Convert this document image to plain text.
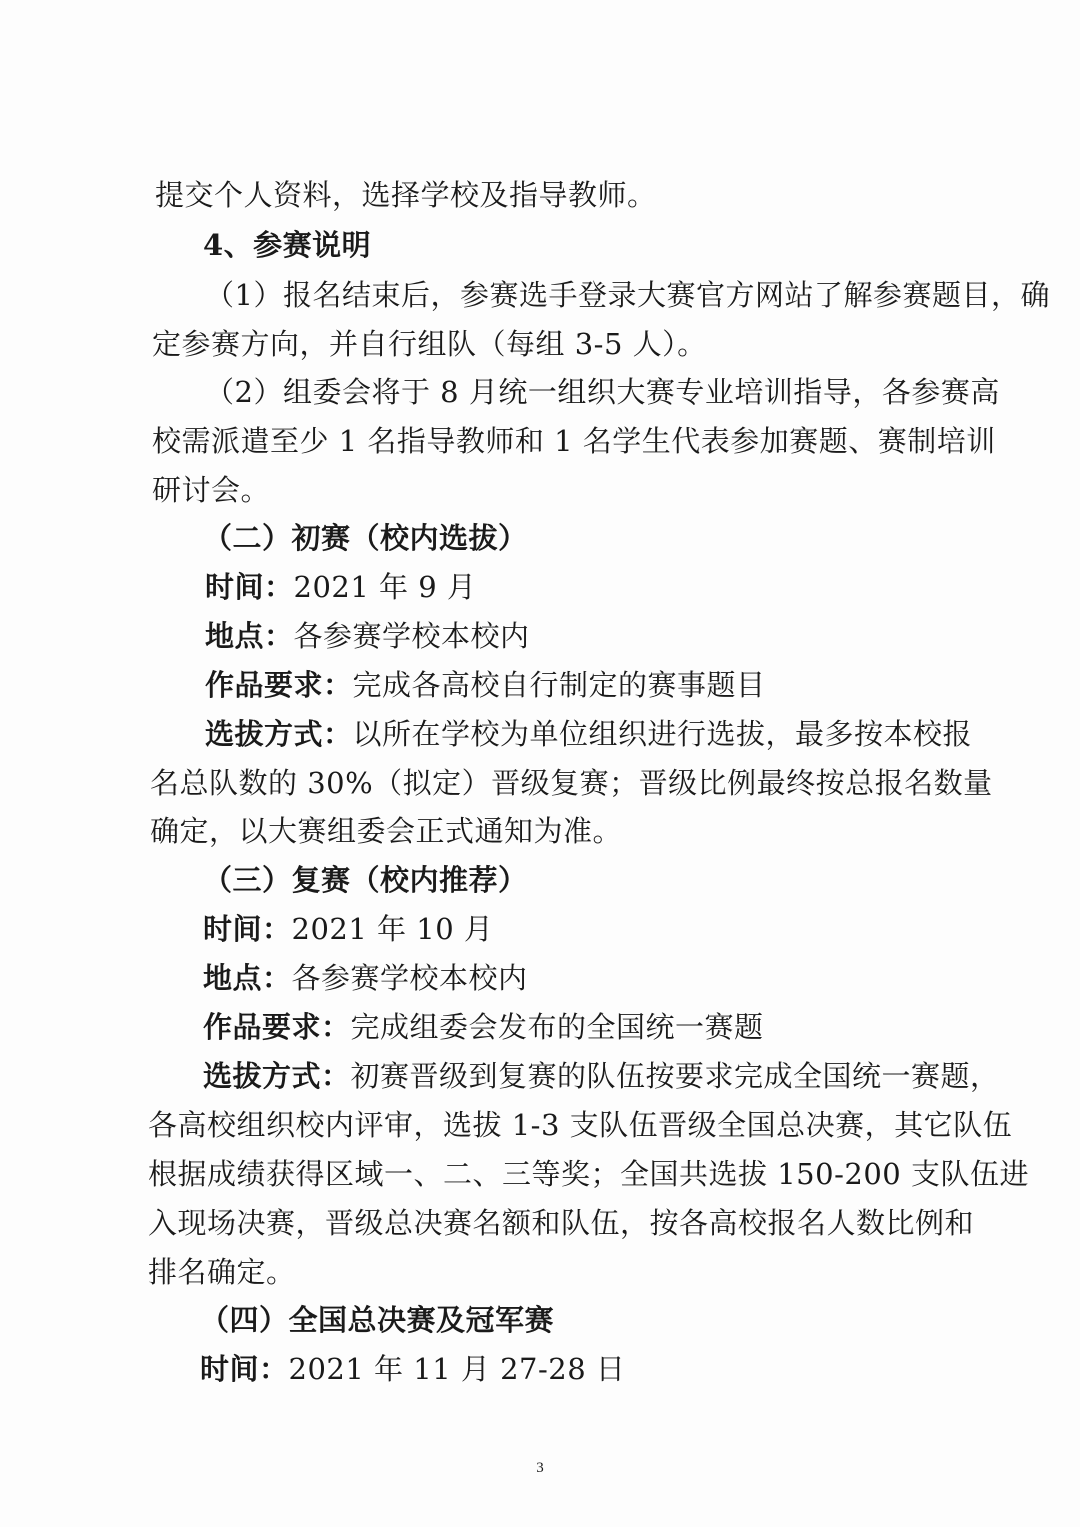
提交个人资料，选择学校及指导教师。
4、参赛说明
（1）报名结束后，参赛选手登录大赛官方网站了解参赛题目，确
定参赛方向，并自行组队（每组 3-5 人）。
（2）组委会将于 8 月统一组织大赛专业培训指导，各参赛高
校需派遣至少 1 名指导教师和 1 名学生代表参加赛题、赛制培训
研讨会。
（二）初赛（校内选拔）
时间：2021 年 9 月
地点：各参赛学校本校内
作品要求：完成各高校自行制定的赛事题目
选拔方式：以所在学校为单位组织进行选拔，最多按本校报
名总队数的 30%（拟定）晋级复赛；晋级比例最终按总报名数量
确定，以大赛组委会正式通知为准。
（三）复赛（校内推荐）
时间：2021 年 10 月
地点：各参赛学校本校内
作品要求：完成组委会发布的全国统一赛题
选拔方式：初赛晋级到复赛的队伍按要求完成全国统一赛题，
各高校组织校内评审，选拔 1-3 支队伍晋级全国总决赛，其它队伍
根据成绩获得区域一、二、三等奖；全国共选拔 150-200 支队伍进
入现场决赛，晋级总决赛名额和队伍，按各高校报名人数比例和
排名确定。
（四）全国总决赛及冠军赛
时间：2021 年 11 月 27-28 日
3
